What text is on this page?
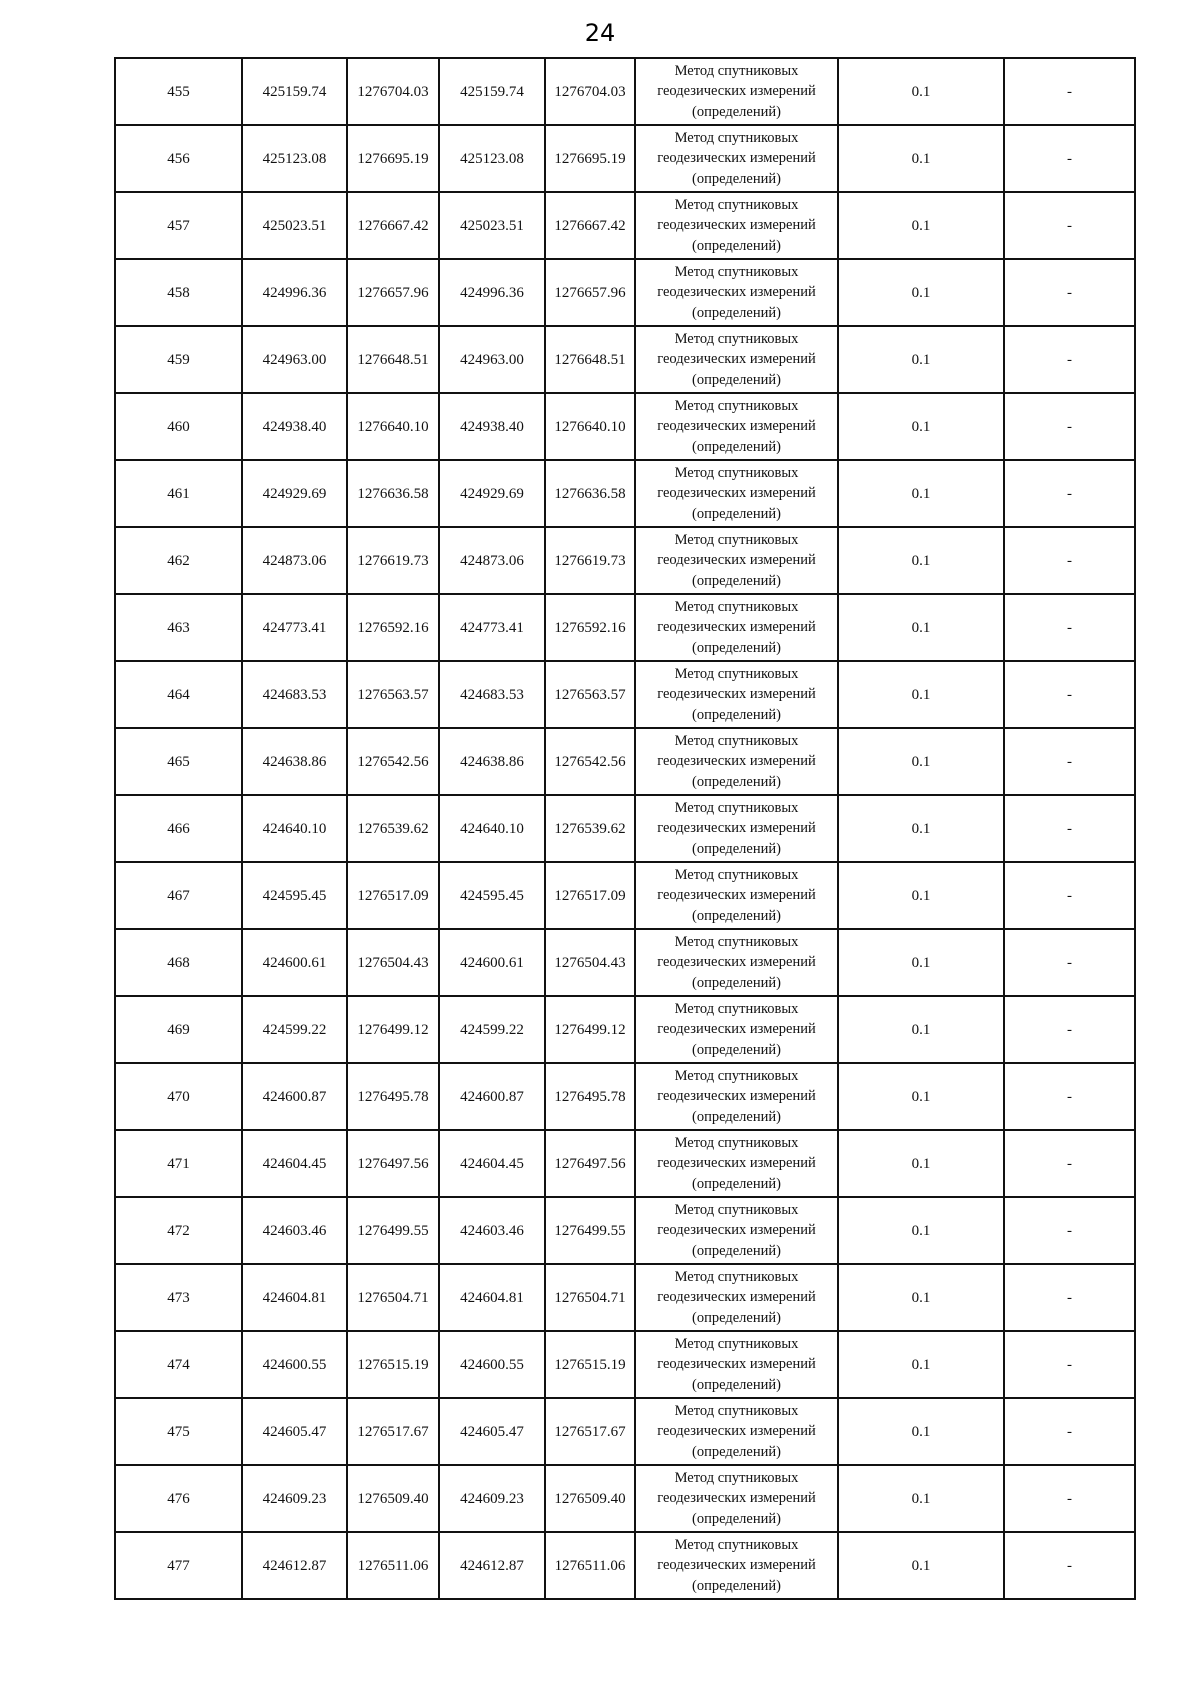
24
455	425159.74	1276704.03	425159.74	1276704.03	Метод спутниковых
геодезических измерений
(определений)	0.1	-
456	425123.08	1276695.19	425123.08	1276695.19	Метод спутниковых
геодезических измерений
(определений)	0.1	-
457	425023.51	1276667.42	425023.51	1276667.42	Метод спутниковых
геодезических измерений
(определений)	0.1	-
458	424996.36	1276657.96	424996.36	1276657.96	Метод спутниковых
геодезических измерений
(определений)	0.1	-
459	424963.00	1276648.51	424963.00	1276648.51	Метод спутниковых
геодезических измерений
(определений)	0.1	-
460	424938.40	1276640.10	424938.40	1276640.10	Метод спутниковых
геодезических измерений
(определений)	0.1	-
461	424929.69	1276636.58	424929.69	1276636.58	Метод спутниковых
геодезических измерений
(определений)	0.1	-
462	424873.06	1276619.73	424873.06	1276619.73	Метод спутниковых
геодезических измерений
(определений)	0.1	-
463	424773.41	1276592.16	424773.41	1276592.16	Метод спутниковых
геодезических измерений
(определений)	0.1	-
464	424683.53	1276563.57	424683.53	1276563.57	Метод спутниковых
геодезических измерений
(определений)	0.1	-
465	424638.86	1276542.56	424638.86	1276542.56	Метод спутниковых
геодезических измерений
(определений)	0.1	-
466	424640.10	1276539.62	424640.10	1276539.62	Метод спутниковых
геодезических измерений
(определений)	0.1	-
467	424595.45	1276517.09	424595.45	1276517.09	Метод спутниковых
геодезических измерений
(определений)	0.1	-
468	424600.61	1276504.43	424600.61	1276504.43	Метод спутниковых
геодезических измерений
(определений)	0.1	-
469	424599.22	1276499.12	424599.22	1276499.12	Метод спутниковых
геодезических измерений
(определений)	0.1	-
470	424600.87	1276495.78	424600.87	1276495.78	Метод спутниковых
геодезических измерений
(определений)	0.1	-
471	424604.45	1276497.56	424604.45	1276497.56	Метод спутниковых
геодезических измерений
(определений)	0.1	-
472	424603.46	1276499.55	424603.46	1276499.55	Метод спутниковых
геодезических измерений
(определений)	0.1	-
473	424604.81	1276504.71	424604.81	1276504.71	Метод спутниковых
геодезических измерений
(определений)	0.1	-
474	424600.55	1276515.19	424600.55	1276515.19	Метод спутниковых
геодезических измерений
(определений)	0.1	-
475	424605.47	1276517.67	424605.47	1276517.67	Метод спутниковых
геодезических измерений
(определений)	0.1	-
476	424609.23	1276509.40	424609.23	1276509.40	Метод спутниковых
геодезических измерений
(определений)	0.1	-
477	424612.87	1276511.06	424612.87	1276511.06	Метод спутниковых
геодезических измерений
(определений)	0.1	-
